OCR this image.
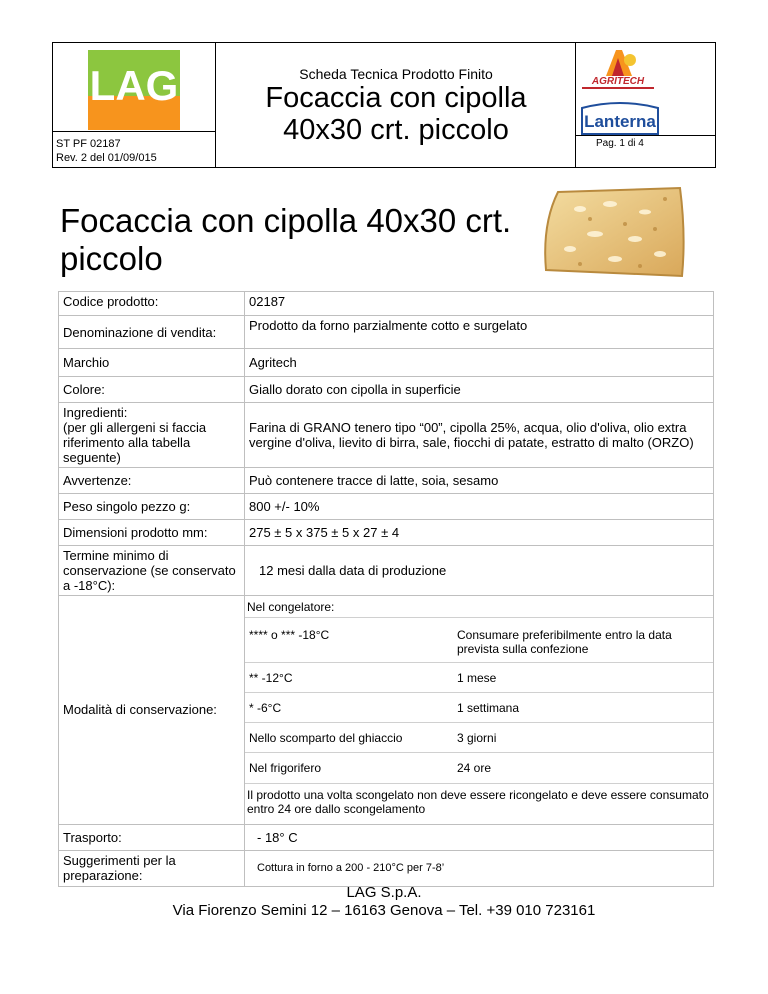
LAG
ST PF 02187
Rev. 2 del 01/09/015
Scheda Tecnica Prodotto Finito
Focaccia con cipolla
40x30 crt. piccolo
AGRITECH
Lanterna
Pag. 1 di 4
Focaccia con cipolla 40x30 crt. piccolo
Codice prodotto:	02187
Denominazione di vendita:	Prodotto da forno parzialmente cotto e surgelato
Marchio	Agritech
Colore:	Giallo dorato con cipolla in superficie
Ingredienti:
(per gli allergeni si faccia riferimento alla tabella seguente)	Farina di GRANO tenero tipo “00”, cipolla 25%, acqua, olio d'oliva, olio extra vergine d'oliva, lievito di birra, sale, fiocchi di patate, estratto di malto (ORZO)
Avvertenze:	Può contenere tracce di latte, soia, sesamo
Peso singolo pezzo g:	800 +/- 10%
Dimensioni prodotto mm:	275 ± 5 x 375 ± 5 x 27 ± 4
Termine minimo di conservazione (se conservato a -18°C):	12 mesi dalla data di produzione
Modalità di conservazione:	
Nel congelatore:
**** o *** -18°C	Consumare preferibilmente entro la data prevista sulla confezione
** -12°C	1 mese
* -6°C	1 settimana
Nello scomparto del ghiaccio	3 giorni
Nel frigorifero	24 ore
Il prodotto una volta scongelato non deve essere ricongelato e deve essere consumato entro 24 ore dallo scongelamento

Trasporto:	- 18° C
Suggerimenti per la preparazione:	Cottura in forno a 200 - 210°C per 7-8’
LAG S.p.A.
Via Fiorenzo Semini 12 – 16163 Genova – Tel. +39 010 723161
